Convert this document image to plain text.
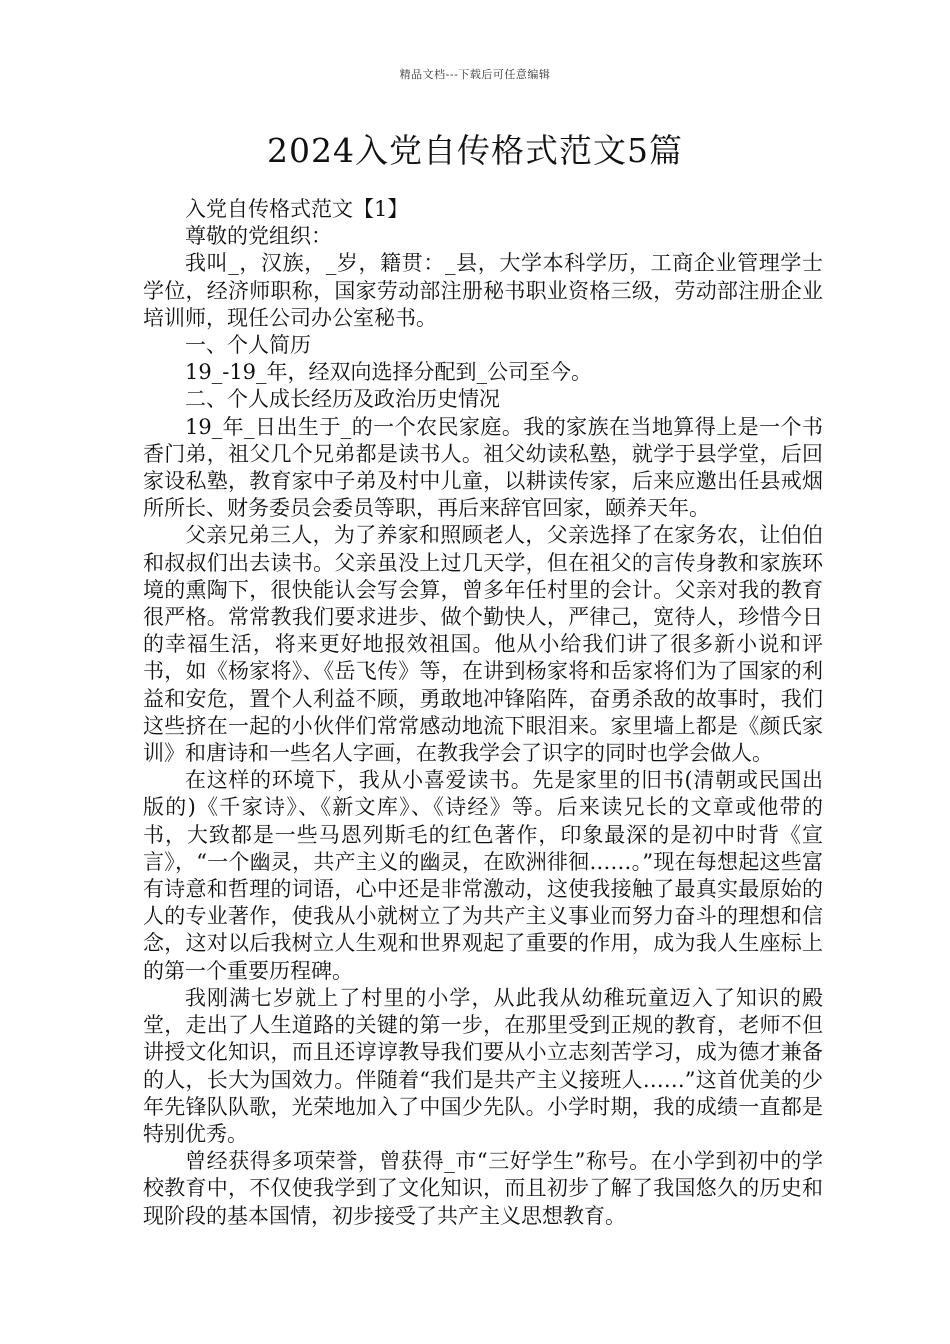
精品文档---下载后可任意编辑
2024入党自传格式范文5篇

入党自传格式范文【1】

尊敬的党组织：

我叫_，汉族，_岁，籍贯：_县，大学本科学历，工商企业管理学士学位，经济师职称，国家劳动部注册秘书职业资格三级，劳动部注册企业培训师，现任公司办公室秘书。

一、个人简历

19_-19_年，经双向选择分配到_公司至今。

二、个人成长经历及政治历史情况

19_年_日出生于_的一个农民家庭。我的家族在当地算得上是一个书香门弟，祖父几个兄弟都是读书人。祖父幼读私塾，就学于县学堂，后回家设私塾，教育家中子弟及村中儿童，以耕读传家，后来应邀出任县戒烟所所长、财务委员会委员等职，再后来辞官回家，颐养天年。

父亲兄弟三人，为了养家和照顾老人，父亲选择了在家务农，让伯伯和叔叔们出去读书。父亲虽没上过几天学，但在祖父的言传身教和家族环境的熏陶下，很快能认会写会算，曾多年任村里的会计。父亲对我的教育很严格。常常教我们要求进步、做个勤快人，严律己，宽待人，珍惜今日的幸福生活，将来更好地报效祖国。他从小给我们讲了很多新小说和评书，如《杨家将》、《岳飞传》等，在讲到杨家将和岳家将们为了国家的利益和安危，置个人利益不顾，勇敢地冲锋陷阵，奋勇杀敌的故事时，我们这些挤在一起的小伙伴们常常感动地流下眼泪来。家里墙上都是《颜氏家训》和唐诗和一些名人字画，在教我学会了识字的同时也学会做人。

在这样的环境下，我从小喜爱读书。先是家里的旧书(清朝或民国出版的)《千家诗》、《新文库》、《诗经》等。后来读兄长的文章或他带的书，大致都是一些马恩列斯毛的红色著作，印象最深的是初中时背《宣言》，“一个幽灵，共产主义的幽灵，在欧洲徘徊……。”现在每想起这些富有诗意和哲理的词语，心中还是非常激动，这使我接触了最真实最原始的人的专业著作，使我从小就树立了为共产主义事业而努力奋斗的理想和信念，这对以后我树立人生观和世界观起了重要的作用，成为我人生座标上的第一个重要历程碑。

我刚满七岁就上了村里的小学，从此我从幼稚玩童迈入了知识的殿堂，走出了人生道路的关键的第一步，在那里受到正规的教育，老师不但讲授文化知识，而且还谆谆教导我们要从小立志刻苦学习，成为德才兼备的人，长大为国效力。伴随着“我们是共产主义接班人……”这首优美的少年先锋队队歌，光荣地加入了中国少先队。小学时期，我的成绩一直都是特别优秀。

曾经获得多项荣誉，曾获得_市“三好学生”称号。在小学到初中的学校教育中，不仅使我学到了文化知识，而且初步了解了我国悠久的历史和现阶段的基本国情，初步接受了共产主义思想教育。
